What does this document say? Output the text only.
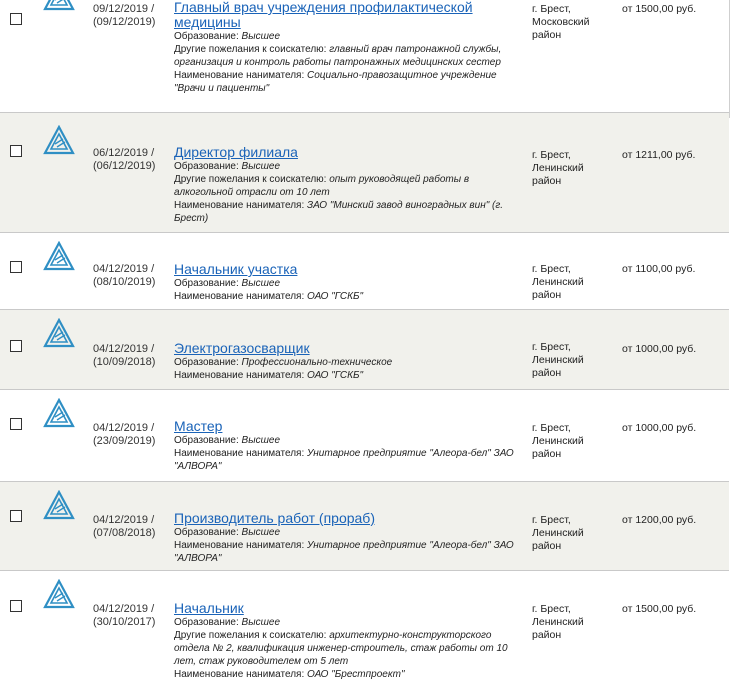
09/12/2019 /
(09/12/2019)
Главный врач учреждения профилактической медицины
Образование: Высшее
Другие пожелания к соискателю: главный врач патронажной службы, организация и контроль работы патронажных медицинских сестер
Наименование нанимателя: Социально-правозащитное учреждение "Врачи и пациенты"
г. Брест, Московский район
от 1500,00 руб.
06/12/2019 /
(06/12/2019)
Директор филиала
Образование: Высшее
Другие пожелания к соискателю: опыт руководящей работы в алкогольной отрасли от 10 лет
Наименование нанимателя: ЗАО "Минский завод виноградных вин" (г. Брест)
г. Брест, Ленинский район
от 1211,00 руб.
04/12/2019 /
(08/10/2019)
Начальник участка
Образование: Высшее
Наименование нанимателя: ОАО "ГСКБ"
г. Брест, Ленинский район
от 1100,00 руб.
04/12/2019 /
(10/09/2018)
Электрогазосварщик
Образование: Профессионально-техническое
Наименование нанимателя: ОАО "ГСКБ"
г. Брест, Ленинский район
от 1000,00 руб.
04/12/2019 /
(23/09/2019)
Мастер
Образование: Высшее
Наименование нанимателя: Унитарное предприятие "Алеора-бел" ЗАО "АЛВОРА"
г. Брест, Ленинский район
от 1000,00 руб.
04/12/2019 /
(07/08/2018)
Производитель работ (прораб)
Образование: Высшее
Наименование нанимателя: Унитарное предприятие "Алеора-бел" ЗАО "АЛВОРА"
г. Брест, Ленинский район
от 1200,00 руб.
04/12/2019 /
(30/10/2017)
Начальник
Образование: Высшее
Другие пожелания к соискателю: архитектурно-конструкторского отдела № 2, квалификация инженер-строитель, стаж работы от 10 лет, стаж руководителем от 5 лет
Наименование нанимателя: ОАО "Брестпроект"
г. Брест, Ленинский район
от 1500,00 руб.
